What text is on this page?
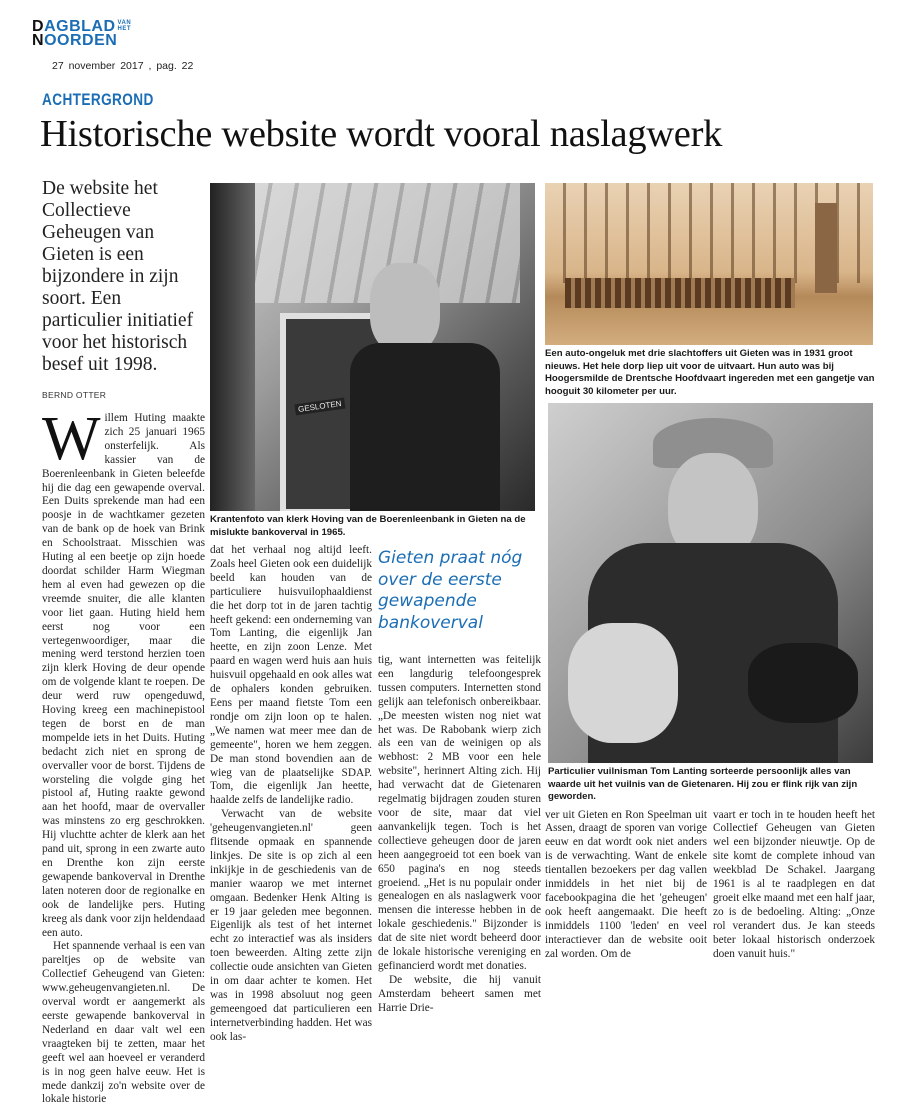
DAGBLAD VAN HET
NOORDEN
27 november 2017 , pag. 22
ACHTERGROND
Historische website wordt vooral naslagwerk
De website het Collectieve Geheugen van Gieten is een bijzondere in zijn soort. Een particulier initiatief voor het historisch besef uit 1998.
BERND OTTER

Willem Huting maakte zich 25 januari 1965 onsterfelijk. Als kassier van de Boerenleenbank in Gieten beleefde hij die dag een gewapende overval. Een Duits sprekende man had een poosje in de wachtkamer gezeten van de bank op de hoek van Brink en Schoolstraat. Misschien was Huting al een beetje op zijn hoede doordat schilder Harm Wiegman hem al even had gewezen op die vreemde snuiter, die alle klanten voor liet gaan. Huting hield hem eerst nog voor een vertegenwoordiger, maar die mening werd terstond herzien toen zijn klerk Hoving de deur opende om de volgende klant te roepen. De deur werd ruw opengeduwd, Hoving kreeg een machinepistool tegen de borst en de man mompelde iets in het Duits. Huting bedacht zich niet en sprong de overvaller voor de borst. Tijdens de worsteling die volgde ging het pistool af, Huting raakte gewond aan het hoofd, maar de overvaller was minstens zo erg geschrokken. Hij vluchtte achter de klerk aan het pand uit, sprong in een zwarte auto en Drenthe kon zijn eerste gewapende bankoverval in Drenthe laten noteren door de regionalke en ook de landelijke pers. Huting kreeg als dank voor zijn heldendaad een auto.

Het spannende verhaal is een van pareltjes op de website van Collectief Geheugend van Gieten: www.geheugenvangieten.nl. De overval wordt er aangemerkt als eerste gewapende bankoverval in Nederland en daar valt wel een vraagteken bij te zetten, maar het geeft wel aan hoeveel er veranderd is in nog geen halve eeuw. Het is mede dankzij zo'n website over de lokale historie

GESLOTEN
Krantenfoto van klerk Hoving van de Boerenleenbank in Gieten na de mislukte bankoverval in 1965.

dat het verhaal nog altijd leeft. Zoals heel Gieten ook een duidelijk beeld kan houden van de particuliere huisvuilophaaldienst die het dorp tot in de jaren tachtig heeft gekend: een onderneming van Tom Lanting, die eigenlijk Jan heette, en zijn zoon Lenze. Met paard en wagen werd huis aan huis huisvuil opgehaald en ook alles wat de ophalers konden gebruiken. Eens per maand fietste Tom een rondje om zijn loon op te halen. „We namen wat meer mee dan de gemeente", horen we hem zeggen. De man stond bovendien aan de wieg van de plaatselijke SDAP. Tom, die eigenlijk Jan heette, haalde zelfs de landelijke radio.

Verwacht van de website 'geheugenvangieten.nl' geen flitsende opmaak en spannende linkjes. De site is op zich al een inkijkje in de geschiedenis van de manier waarop we met internet omgaan. Bedenker Henk Alting is er 19 jaar geleden mee begonnen. Eigenlijk als test of het internet echt zo interactief was als insiders toen beweerden. Alting zette zijn collectie oude ansichten van Gieten in om daar achter te komen. Het was in 1998 absoluut nog geen gemeengoed dat particulieren een internetverbinding hadden. Het was ook las-

Gieten praat nóg over de eerste gewapende bankoverval

tig, want internetten was feitelijk een langdurig telefoongesprek tussen computers. Internetten stond gelijk aan telefonisch onbereikbaar. „De meesten wisten nog niet wat het was. De Rabobank wierp zich als een van de weinigen op als webhost: 2 MB voor een hele website", herinnert Alting zich. Hij had verwacht dat de Gietenaren regelmatig bijdragen zouden sturen voor de site, maar dat viel aanvankelijk tegen. Toch is het collectieve geheugen door de jaren heen aangegroeid tot een boek van 650 pagina's en nog steeds groeiend. „Het is nu populair onder genealogen en als naslagwerk voor mensen die interesse hebben in de lokale geschiedenis." Bijzonder is dat de site niet wordt beheerd door de lokale historische vereniging en gefinancierd wordt met donaties.

De website, die hij vanuit Amsterdam beheert samen met Harrie Drie-

Een auto-ongeluk met drie slachtoffers uit Gieten was in 1931 groot nieuws. Het hele dorp liep uit voor de uitvaart. Hun auto was bij Hoogersmilde de Drentsche Hoofdvaart ingereden met een gangetje van hooguit 30 kilometer per uur.
Particulier vuilnisman Tom Lanting sorteerde persoonlijk alles van waarde uit het vuilnis van de Gietenaren. Hij zou er flink rijk van zijn geworden.

ver uit Gieten en Ron Speelman uit Assen, draagt de sporen van vorige eeuw en dat wordt ook niet anders is de verwachting. Want de enkele tientallen bezoekers per dag vallen inmiddels in het niet bij de facebookpagina die het 'geheugen' ook heeft aangemaakt. Die heeft inmiddels 1100 'leden' en veel interactiever dan de website ooit zal worden. Om de

vaart er toch in te houden heeft het Collectief Geheugen van Gieten wel een bijzonder nieuwtje. Op de site komt de complete inhoud van weekblad De Schakel. Jaargang 1961 is al te raadplegen en dat groeit elke maand met een half jaar, zo is de bedoeling. Alting: „Onze rol verandert dus. Je kan steeds beter lokaal historisch onderzoek doen vanuit huis."
